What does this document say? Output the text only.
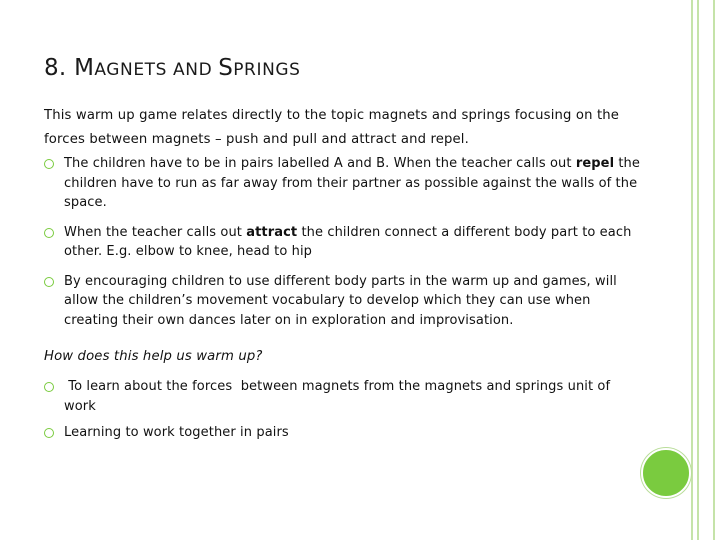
8. MAGNETS AND SPRINGS
This warm up game relates directly to the topic magnets and springs focusing on the forces between magnets – push and pull and attract and repel.
The children have to be in pairs labelled A and B. When the teacher calls out repel the children have to run as far away from their partner as possible against the walls of the space.
When the teacher calls out attract the children connect a different body part to each other. E.g. elbow to knee, head to hip
By encouraging children to use different body parts in the warm up and games, will allow the children’s movement vocabulary to develop which they can use when creating their own dances later on in exploration and improvisation.
How does this help us warm up?
To learn about the forces  between magnets from the magnets and springs unit of work
Learning to work together in pairs
